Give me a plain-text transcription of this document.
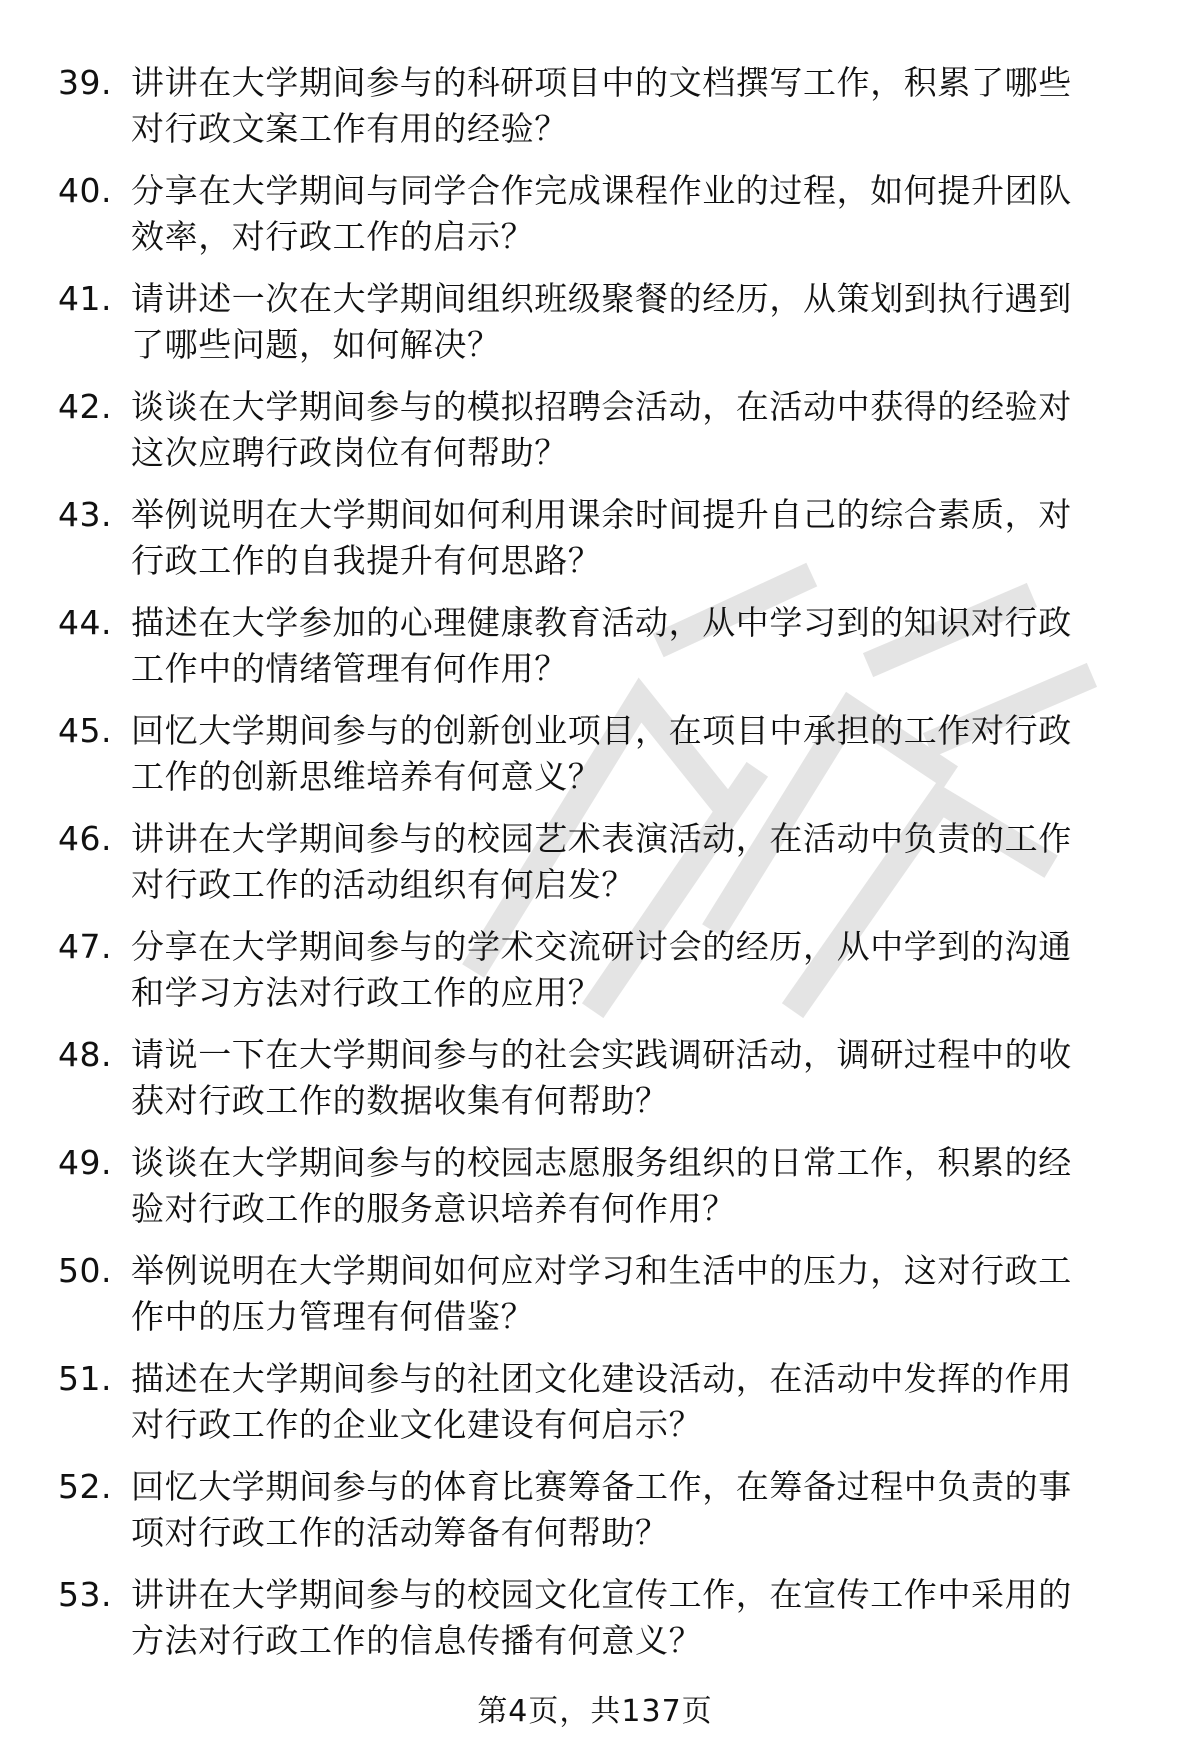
39. 讲讲在大学期间参与的科研项目中的文档撰写工作，积累了哪些
对行政文案工作有用的经验？
40. 分享在大学期间与同学合作完成课程作业的过程，如何提升团队
效率，对行政工作的启示？
41. 请讲述一次在大学期间组织班级聚餐的经历，从策划到执行遇到
了哪些问题，如何解决？
42. 谈谈在大学期间参与的模拟招聘会活动，在活动中获得的经验对
这次应聘行政岗位有何帮助？
43. 举例说明在大学期间如何利用课余时间提升自己的综合素质，对
行政工作的自我提升有何思路？
44. 描述在大学参加的心理健康教育活动，从中学习到的知识对行政
工作中的情绪管理有何作用？
45. 回忆大学期间参与的创新创业项目，在项目中承担的工作对行政
工作的创新思维培养有何意义？
46. 讲讲在大学期间参与的校园艺术表演活动，在活动中负责的工作
对行政工作的活动组织有何启发？
47. 分享在大学期间参与的学术交流研讨会的经历，从中学到的沟通
和学习方法对行政工作的应用？
48. 请说一下在大学期间参与的社会实践调研活动，调研过程中的收
获对行政工作的数据收集有何帮助？
49. 谈谈在大学期间参与的校园志愿服务组织的日常工作，积累的经
验对行政工作的服务意识培养有何作用？
50. 举例说明在大学期间如何应对学习和生活中的压力，这对行政工
作中的压力管理有何借鉴？
51. 描述在大学期间参与的社团文化建设活动，在活动中发挥的作用
对行政工作的企业文化建设有何启示？
52. 回忆大学期间参与的体育比赛筹备工作，在筹备过程中负责的事
项对行政工作的活动筹备有何帮助？
53. 讲讲在大学期间参与的校园文化宣传工作，在宣传工作中采用的
方法对行政工作的信息传播有何意义？
第4页，共137页
